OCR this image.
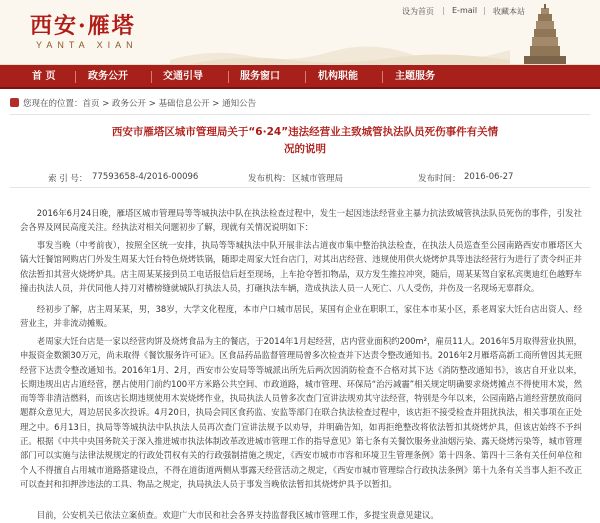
西安·雁塔
YANTA XIAN
设为首页 | E-mail | 收藏本站
首 页	政务公开	交通引导	服务窗口	机构职能	主题服务
您现在的位置：首页 > 政务公开 > 基础信息公开 > 通知公告
西安市雁塔区城市管理局关于“6·24”违法经营业主致城管执法队员死伤事件有关情况的说明
索 引 号： 77593658-4/2016-00096	发布机构： 区城市管理局	发布时间： 2016-06-27
2016年6月24日晚，雁塔区城市管理局等等城执法中队在执法检查过程中，发生一起因违法经营业主暴力抗法致城管执法队员死伤的事件，引发社会各界及网民高度关注。经执法对相关问题初步了解，现就有关情况说明如下：
事发当晚（中考前夜），按照全区统一安排，执局等等城执法中队开展非法占道夜市集中整治执法检查，在执法人员巡查至公园南路西安市雁塔区大镐大饪餐馆网购店门外发生周某大饪台特色烧烤铁锅，随即走周家大饪台店门，对其出店经营、违规使用供火烧烤炉具等违法经营行为进行了责令纠正并依法暂扣其营火烧烤炉具。店主周某某接到员工电话报信后赶至现场，上车抢夺暂扣物品，双方发生推拉冲突，随后，周某某驾自家私宾奥迪红色越野车撞击执法人员，并伏同他人持刀对槽榜缝就城队打执法人员，打砸执法车辆，造成执法人员一人死亡、八人受伤，并伤及一名现场无辜群众。
经初步了解，店主周某某，男，38岁，大学文化程度，本市户口城市居民，某国有企业在职职工，家住本市某小区，系老周家大饪台店出资人、经营业主，并非流动摊贩。
老周家大饪台店是一家以经营肉饼及烧烤食品为主的餐店，于2014年1月起经营，店内营业面积约200m²，雇员11人。2016年5月取得营业执照，申报资金数额30万元，尚未取得《餐饮服务许可证》。区食品药品监督管理局曾多次检查并下达责令整改通知书。2016年2月雁塔高新工商所曾因其无照经营下达责令整改通知书。2016年1月、2月，西安市公安局等等城派出所先后两次因消防检查不合格对其下达《消防整改通知书》，该店自开业以来，长期违规出店占道经营，摆占使用门前约100平方米路公共空间、市政道路，城市管理、环保局“治污减霾”相关规定明确要求烧烤摊点不得使用木炭，然而等等非清洁燃料，而该店长期违规使用木炭烧烤作业，执局执法人员曾多次查门宣讲法规劝其守法经营，特别是今年以来，公园南路占道经营摆放商问题群众意见大，周边居民多次投诉。4月20日，执局会同区食药监、安监等部门在联合执法检查过程中，该店拒不接受检查并阻扰执法，相关事项在正处理之中。6月13日，执局等等城执法中队执法人员再次查门宣讲法规予以劝导，并明确告知，如再拒绝整改将依法暂扣其烧烤炉具，但该店始终不予纠正。根据《中共中央国务院关于深入推进城市执法体制改革改进城市管理工作的指导意见》第七条有关餐饮服务业油烟污染、露天烧烤污染等，城市管理部门可以实施与法律法规规定的行政处罚权有关的行政强制措施之规定，《西安市城市市容和环境卫生管理条例》第十四条、第四十三条有关任何单位和个人不得擅自占用城市道路搭建设点，不得在道街道两侧从事露天经营活动之规定，《西安市城市管理综合行政执法条例》第十九条有关当事人拒不改正可以查封和扣押涉违法的工具、物品之规定，执局执法人员于事发当晚依法暂扣其烧烤炉具予以暂扣。
目前，公安机关已依法立案侦查。欢迎广大市民和社会各界支持监督我区城市管理工作，多提宝贵意见建议。
